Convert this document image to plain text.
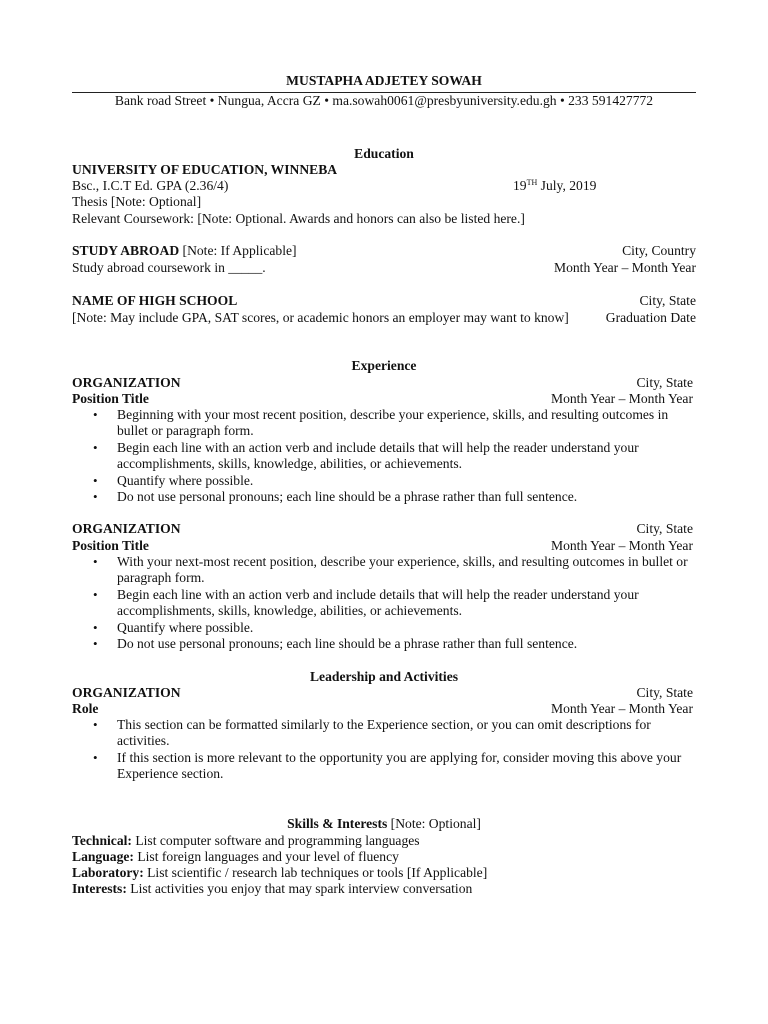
MUSTAPHA ADJETEY SOWAH
Bank road Street • Nungua, Accra GZ • ma.sowah0061@presbyuniversity.edu.gh • 233 591427772
Education
UNIVERSITY OF EDUCATION, WINNEBA
Bsc., I.C.T Ed. GPA (2.36/4)	19TH July, 2019
Thesis [Note: Optional]
Relevant Coursework: [Note: Optional. Awards and honors can also be listed here.]
STUDY ABROAD [Note: If Applicable]	City, Country
Study abroad coursework in _____.	Month Year – Month Year
NAME OF HIGH SCHOOL	City, State
[Note: May include GPA, SAT scores, or academic honors an employer may want to know]	Graduation Date
Experience
ORGANIZATION	City, State
Position Title	Month Year – Month Year
• Beginning with your most recent position, describe your experience, skills, and resulting outcomes in bullet or paragraph form.
• Begin each line with an action verb and include details that will help the reader understand your accomplishments, skills, knowledge, abilities, or achievements.
• Quantify where possible.
• Do not use personal pronouns; each line should be a phrase rather than full sentence.
ORGANIZATION	City, State
Position Title	Month Year – Month Year
• With your next-most recent position, describe your experience, skills, and resulting outcomes in bullet or paragraph form.
• Begin each line with an action verb and include details that will help the reader understand your accomplishments, skills, knowledge, abilities, or achievements.
• Quantify where possible.
• Do not use personal pronouns; each line should be a phrase rather than full sentence.
Leadership and Activities
ORGANIZATION	City, State
Role	Month Year – Month Year
• This section can be formatted similarly to the Experience section, or you can omit descriptions for activities.
• If this section is more relevant to the opportunity you are applying for, consider moving this above your Experience section.
Skills & Interests [Note: Optional]
Technical: List computer software and programming languages
Language: List foreign languages and your level of fluency
Laboratory: List scientific / research lab techniques or tools [If Applicable]
Interests: List activities you enjoy that may spark interview conversation
